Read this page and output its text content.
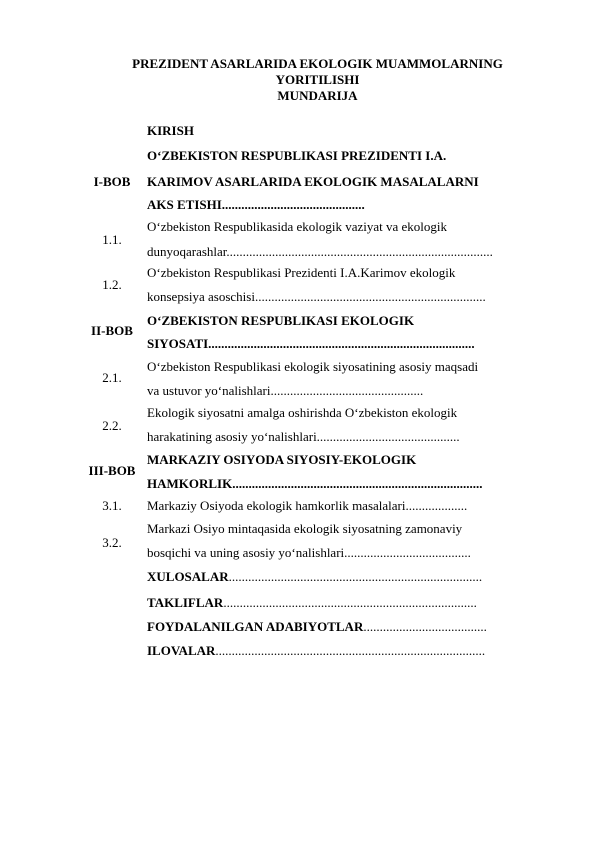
PREZIDENT ASARLARIDA EKOLOGIK MUAMMOLARNING
YORITILISHI
MUNDARIJA
KIRISH
I-BOB
O‘ZBEKISTON RESPUBLIKASI PREZIDENTI I.A.
KARIMOV ASARLARIDA EKOLOGIK MASALALARNI
AKS ETISHI............................................
1.1.
O‘zbekiston Respublikasida ekologik vaziyat va ekologik
dunyoqarashlar..................................................................................
1.2.
O‘zbekiston Respublikasi Prezidenti I.A.Karimov ekologik
konsepsiya asoschisi.......................................................................
II-BOB
O‘ZBEKISTON RESPUBLIKASI EKOLOGIK
SIYOSATI..................................................................................
2.1.
O‘zbekiston Respublikasi ekologik siyosatining asosiy maqsadi
va ustuvor yo‘nalishlari...............................................
2.2.
Ekologik siyosatni amalga oshirishda O‘zbekiston ekologik
harakatining asosiy yo‘nalishlari............................................
III-BOB
MARKAZIY OSIYODA SIYOSIY-EKOLOGIK
HAMKORLIK.............................................................................
3.1.	Markaziy Osiyoda ekologik hamkorlik masalalari...................
3.2.
Markazi Osiyo mintaqasida ekologik siyosatning zamonaviy
bosqichi va uning asosiy yo‘nalishlari.......................................
XULOSALAR..............................................................................
TAKLIFLAR..............................................................................
FOYDALANILGAN ADABIYOTLAR......................................
ILOVALAR...................................................................................
